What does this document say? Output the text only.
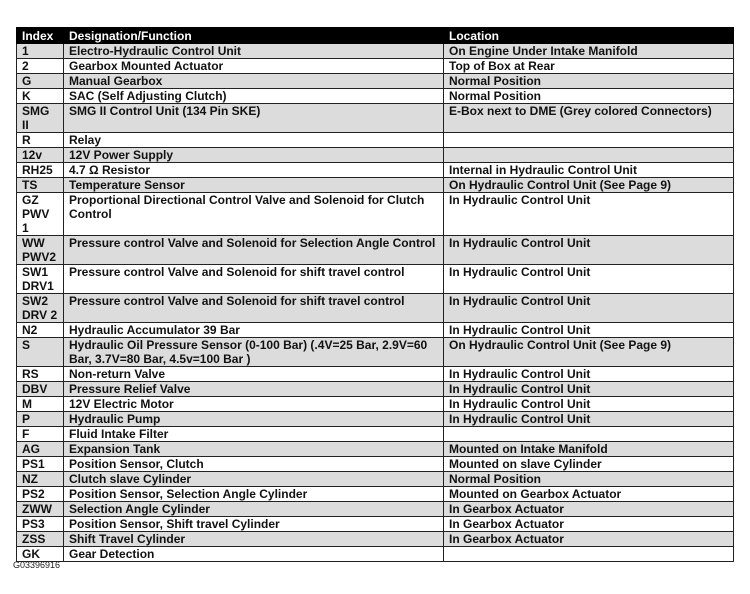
Index	Designation/Function	Location
1	Electro-Hydraulic Control Unit	On Engine Under Intake Manifold
2	Gearbox Mounted Actuator	Top of Box at Rear
G	Manual Gearbox	Normal Position
K	SAC (Self Adjusting Clutch)	Normal Position
SMG II	SMG II Control Unit (134 Pin SKE)	E-Box next to DME (Grey colored Connectors)
R	Relay	
12v	12V Power Supply	
RH25	4.7 Ω Resistor	Internal in Hydraulic Control Unit
TS	Temperature Sensor	On Hydraulic Control Unit (See Page 9)
GZ PWV 1	Proportional Directional Control Valve and Solenoid for Clutch Control	In Hydraulic Control Unit
WW PWV2	Pressure control Valve and Solenoid for Selection Angle Control	In Hydraulic Control Unit
SW1 DRV1	Pressure control Valve and Solenoid for shift travel control	In Hydraulic Control Unit
SW2 DRV 2	Pressure control Valve and Solenoid for shift travel control	In Hydraulic Control Unit
N2	Hydraulic Accumulator 39 Bar	In Hydraulic Control Unit
S	Hydraulic Oil Pressure Sensor (0-100 Bar) (.4V=25 Bar, 2.9V=60 Bar, 3.7V=80 Bar, 4.5v=100 Bar )	On Hydraulic Control Unit (See Page 9)
RS	Non-return Valve	In Hydraulic Control Unit
DBV	Pressure Relief Valve	In Hydraulic Control Unit
M	12V Electric Motor	In Hydraulic Control Unit
P	Hydraulic Pump	In Hydraulic Control Unit
F	Fluid Intake Filter	
AG	Expansion Tank	Mounted on Intake Manifold
PS1	Position Sensor, Clutch	Mounted on slave Cylinder
NZ	Clutch slave Cylinder	Normal Position
PS2	Position Sensor, Selection Angle Cylinder	Mounted on Gearbox Actuator
ZWW	Selection Angle Cylinder	In Gearbox Actuator
PS3	Position Sensor, Shift travel Cylinder	In Gearbox Actuator
ZSS	Shift Travel Cylinder	In Gearbox Actuator
GK	Gear Detection	
G03396916
